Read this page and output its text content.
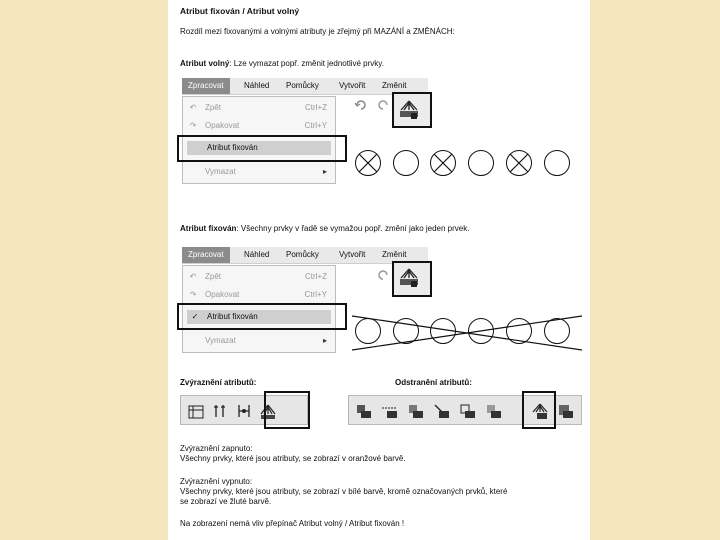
Atribut fixován / Atribut volný
Rozdíl mezi fixovanými a volnými atributy je zřejmý při MAZÁNÍ a ZMĚNÁCH:
Atribut volný: Lze vymazat popř. změnit jednotlivé prvky.
Zpracovat	Náhled Pomůcky	Vytvořit Změnit
↶	Zpět	Ctrl+Z
↷	Opakovat	Ctrl+Y
Atribut fixován
Vymazat	▸
Atribut fixován: Všechny prvky v řadě se vymažou popř. změní jako jeden prvek.
Zpracovat	Náhled Pomůcky	Vytvořit Změnit
↶	Zpět	Ctrl+Z
↷	Opakovat	Ctrl+Y
✓	Atribut fixován
Vymazat	▸
Zvýraznění atributů:	Odstranění atributů:
Zvýraznění zapnuto:
Všechny prvky, které jsou atributy, se zobrazí v oranžové barvě.
Zvýraznění vypnuto:
Všechny prvky, které jsou atributy, se zobrazí v bílé barvě, kromě označovaných prvků, které
se zobrazí ve žluté barvě.
Na zobrazení nemá vliv přepínač Atribut volný / Atribut fixován !
